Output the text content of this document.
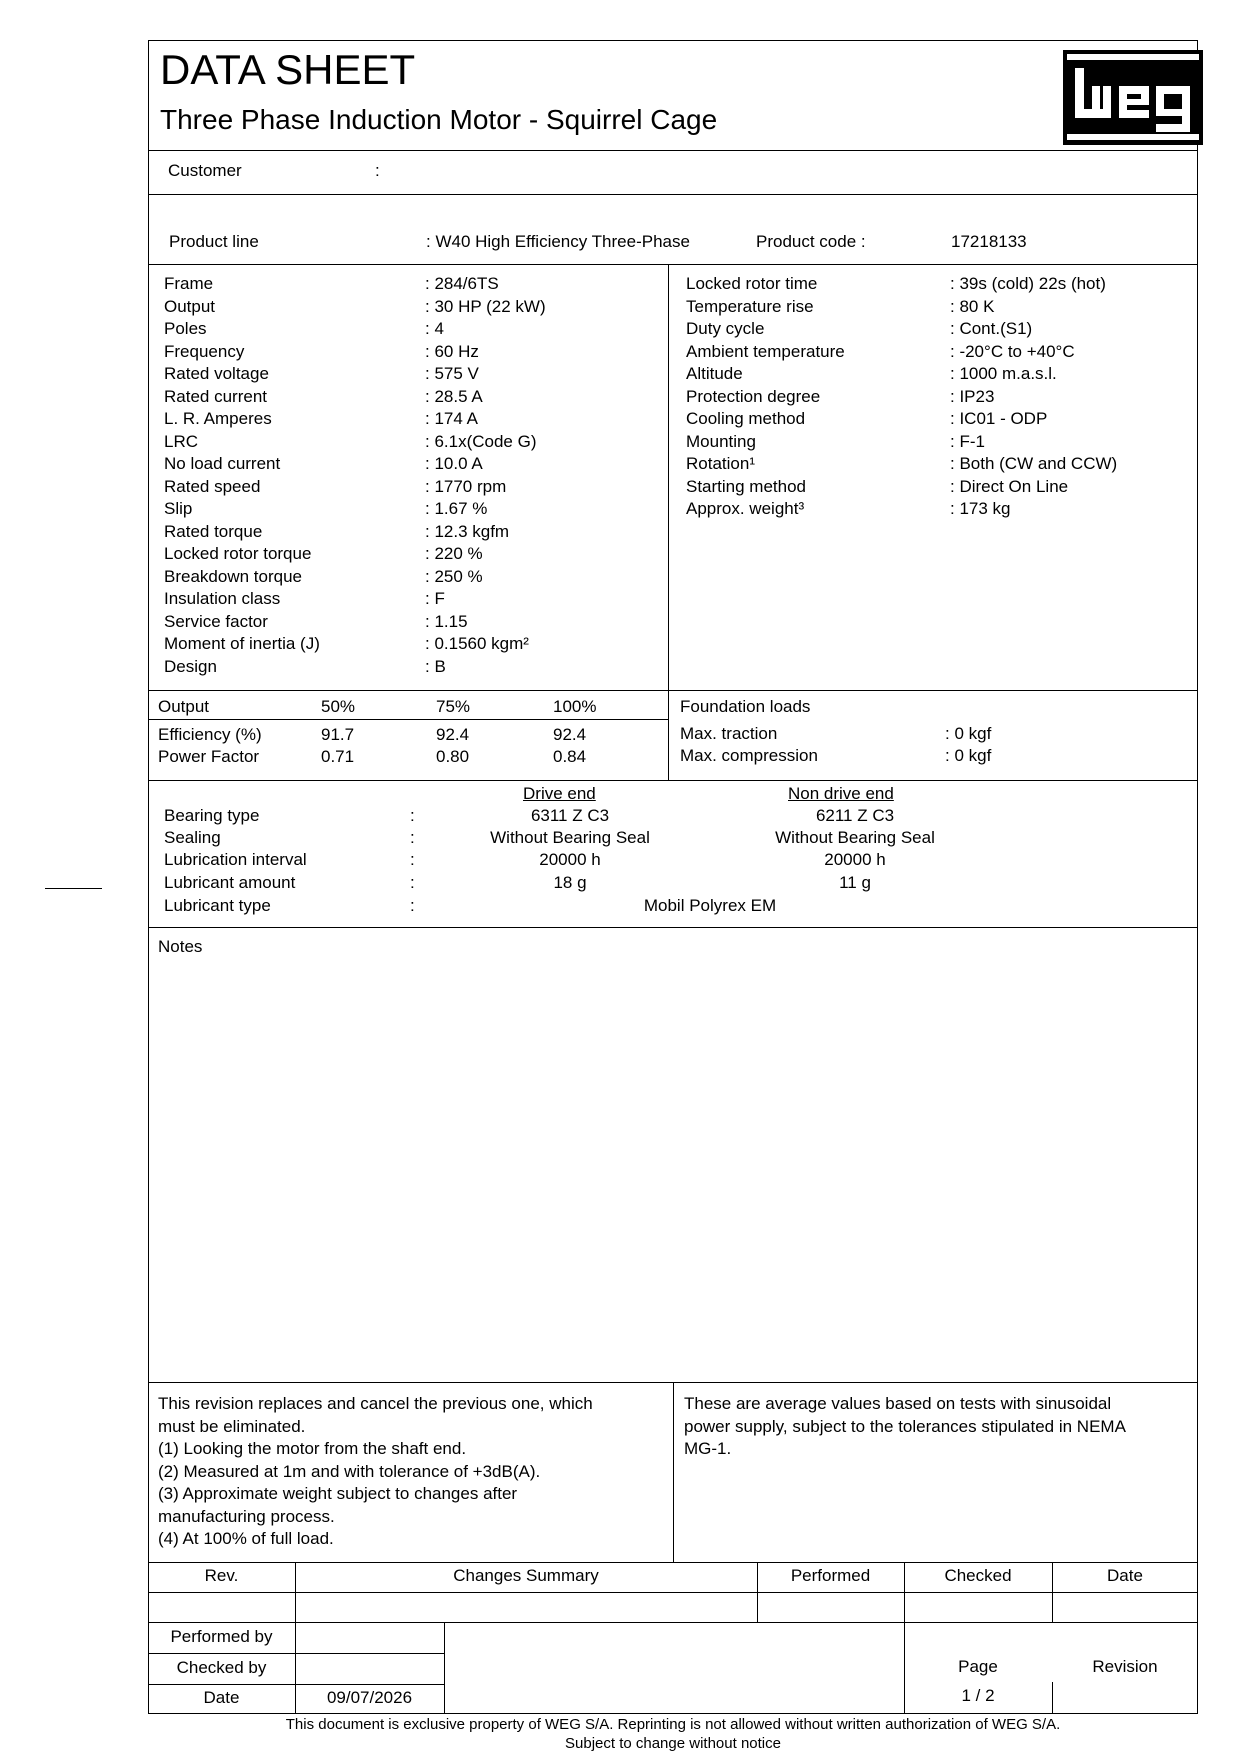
DATA SHEET
Three Phase Induction Motor - Squirrel Cage
Customer	:
Product line	: W40 High Efficiency Three-Phase	Product code :	17218133
Frame	: 284/6TS
Output	: 30 HP (22 kW)
Poles	: 4
Frequency	: 60 Hz
Rated voltage	: 575 V
Rated current	: 28.5 A
L. R. Amperes	: 174 A
LRC	: 6.1x(Code G)
No load current	: 10.0 A
Rated speed	: 1770 rpm
Slip	: 1.67 %
Rated torque	: 12.3 kgfm
Locked rotor torque	: 220 %
Breakdown torque	: 250 %
Insulation class	: F
Service factor	: 1.15
Moment of inertia (J)	: 0.1560 kgm²
Design	: B
Locked rotor time	: 39s (cold) 22s (hot)
Temperature rise	: 80 K
Duty cycle	: Cont.(S1)
Ambient temperature	: -20°C to +40°C
Altitude	: 1000 m.a.s.l.
Protection degree	: IP23
Cooling method	: IC01 - ODP
Mounting	: F-1
Rotation¹	: Both (CW and CCW)
Starting method	: Direct On Line
Approx. weight³	: 173 kg
Output	50%	75%	100%
Efficiency (%)	91.7	92.4	92.4
Power Factor	0.71	0.80	0.84
Foundation loads
Max. traction	: 0 kgf
Max. compression	: 0 kgf
Drive end	Non drive end
Bearing type	:	6311 Z C3	6211 Z C3
Sealing	:	Without Bearing Seal	Without Bearing Seal
Lubrication interval	:	20000 h	20000 h
Lubricant amount	:	18 g	11 g
Lubricant type	:	Mobil Polyrex EM
Notes
This revision replaces and cancel the previous one, which
must be eliminated.
(1) Looking the motor from the shaft end.
(2) Measured at 1m and with tolerance of +3dB(A).
(3) Approximate weight subject to changes after
manufacturing process.
(4) At 100% of full load.
These are average values based on tests with sinusoidal
power supply, subject to the tolerances stipulated in NEMA
MG-1.
Rev.	Changes Summary	Performed	Checked	Date
Performed by
Checked by
Date	09/07/2026
Page
1 / 2
Revision
This document is exclusive property of WEG S/A. Reprinting is not allowed without written authorization of WEG S/A.
Subject to change without notice
